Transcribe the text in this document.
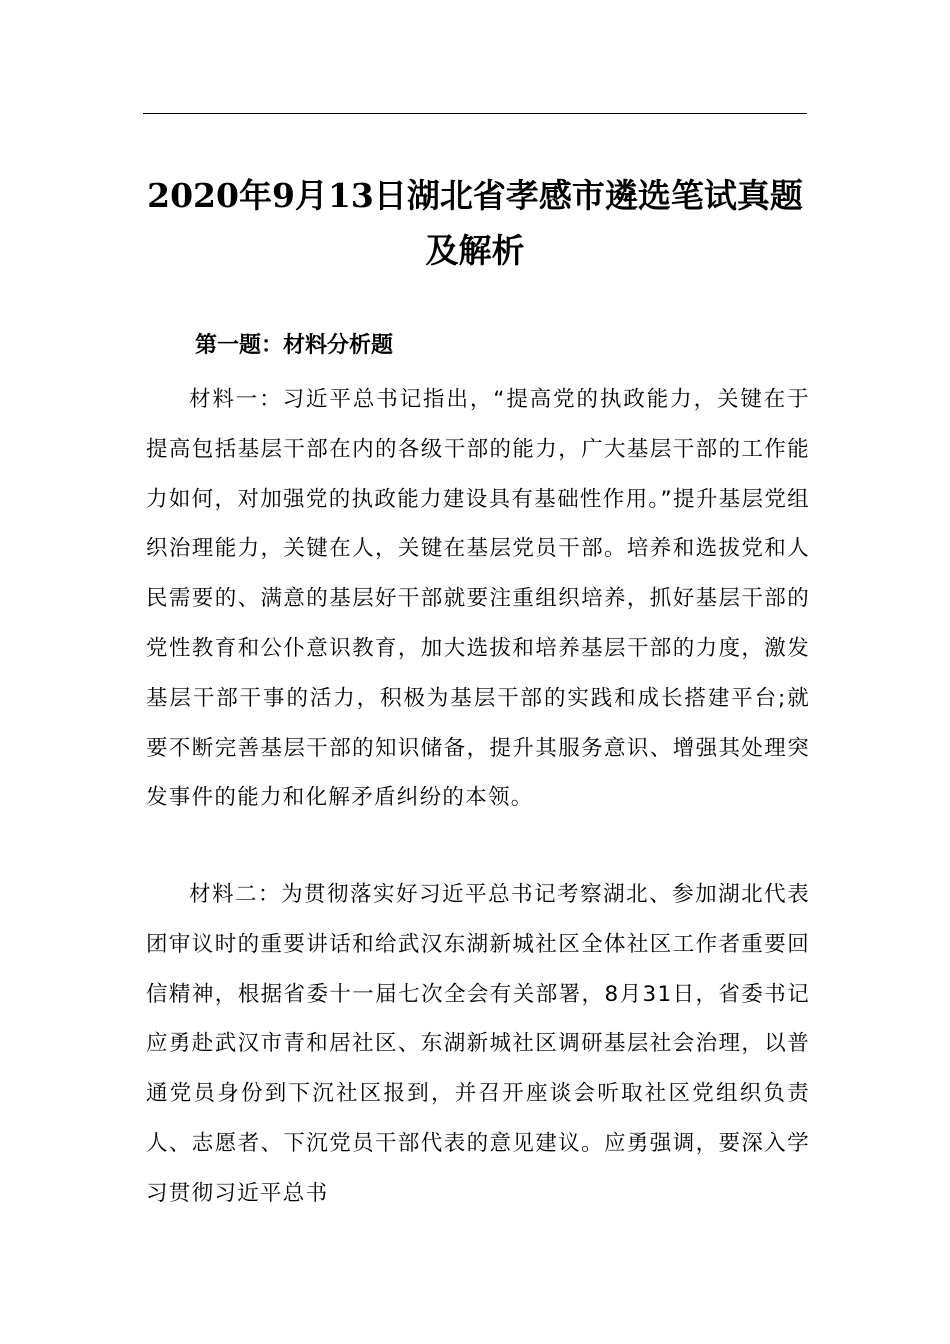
2020年9月13日湖北省孝感市遴选笔试真题及解析

第一题：材料分析题

材料一：习近平总书记指出，“提高党的执政能力，关键在于提高包括基层干部在内的各级干部的能力，广大基层干部的工作能力如何，对加强党的执政能力建设具有基础性作用。”提升基层党组织治理能力，关键在人，关键在基层党员干部。培养和选拔党和人民需要的、满意的基层好干部就要注重组织培养，抓好基层干部的党性教育和公仆意识教育，加大选拔和培养基层干部的力度，激发基层干部干事的活力，积极为基层干部的实践和成长搭建平台;就要不断完善基层干部的知识储备，提升其服务意识、增强其处理突发事件的能力和化解矛盾纠纷的本领。

材料二：为贯彻落实好习近平总书记考察湖北、参加湖北代表团审议时的重要讲话和给武汉东湖新城社区全体社区工作者重要回信精神，根据省委十一届七次全会有关部署，8月31日，省委书记应勇赴武汉市青和居社区、东湖新城社区调研基层社会治理，以普通党员身份到下沉社区报到，并召开座谈会听取社区党组织负责人、志愿者、下沉党员干部代表的意见建议。应勇强调，要深入学习贯彻习近平总书
